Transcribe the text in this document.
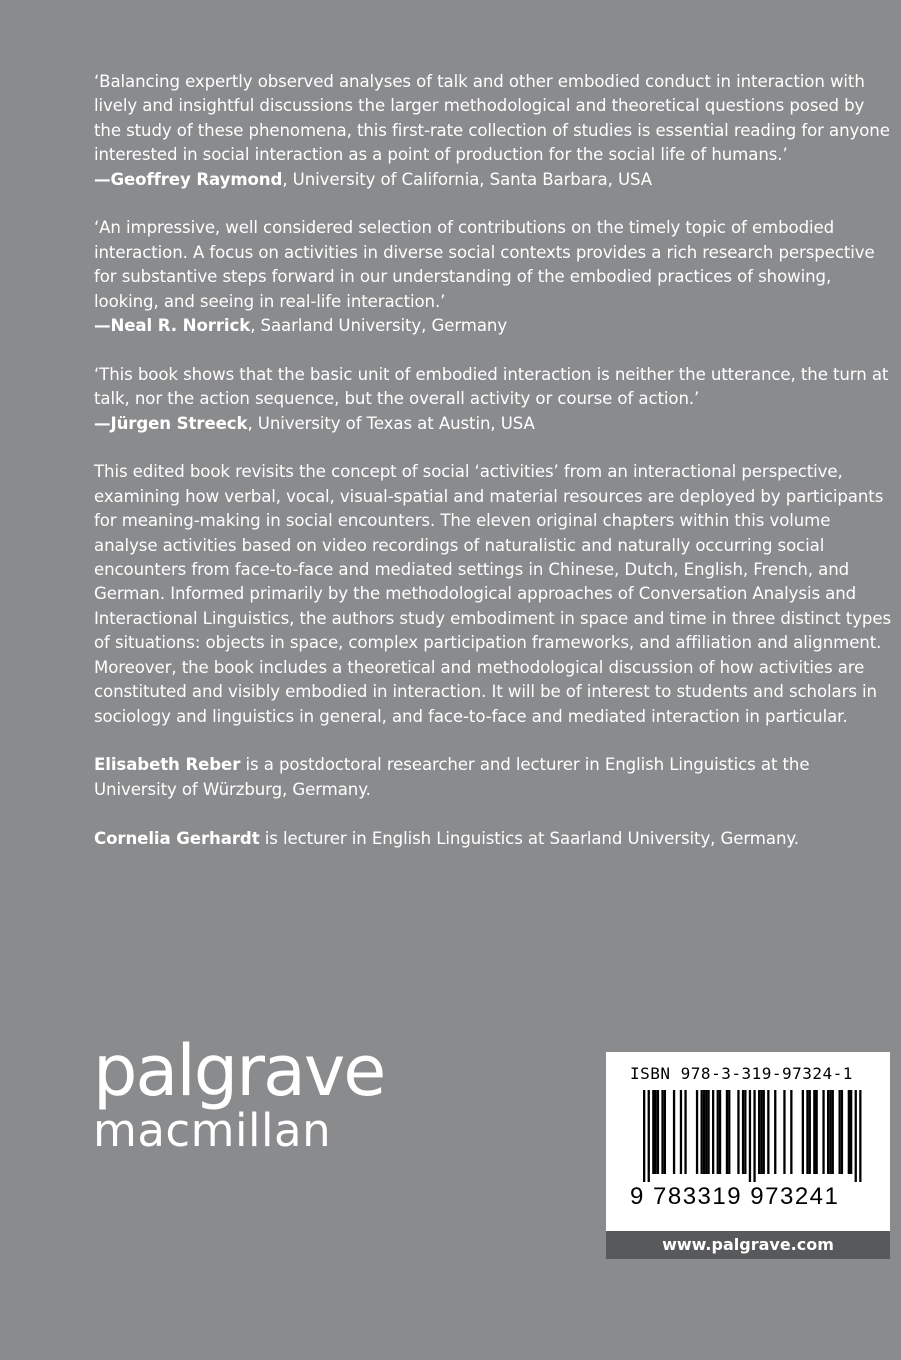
‘Balancing expertly observed analyses of talk and other embodied conduct in interaction with lively and insightful discussions the larger methodological and theoretical questions posed by the study of these phenomena, this first-rate collection of studies is essential reading for anyone interested in social interaction as a point of production for the social life of humans.’

—Geoffrey Raymond, University of California, Santa Barbara, USA

‘An impressive, well considered selection of contributions on the timely topic of embodied interaction. A focus on activities in diverse social contexts provides a rich research perspective for substantive steps forward in our understanding of the embodied practices of showing, looking, and seeing in real-life interaction.’

—Neal R. Norrick, Saarland University, Germany

‘This book shows that the basic unit of embodied interaction is neither the utterance, the turn at talk, nor the action sequence, but the overall activity or course of action.’

—Jürgen Streeck, University of Texas at Austin, USA

This edited book revisits the concept of social ‘activities’ from an interactional perspective, examining how verbal, vocal, visual-spatial and material resources are deployed by participants for meaning-making in social encounters. The eleven original chapters within this volume analyse activities based on video recordings of naturalistic and naturally occurring social encounters from face-to-face and mediated settings in Chinese, Dutch, English, French, and German. Informed primarily by the methodological approaches of Conversation Analysis and Interactional Linguistics, the authors study embodiment in space and time in three distinct types of situations: objects in space, complex participation frameworks, and affiliation and alignment. Moreover, the book includes a theoretical and methodological discussion of how activities are constituted and visibly embodied in interaction. It will be of interest to students and scholars in sociology and linguistics in general, and face-to-face and mediated interaction in particular.

Elisabeth Reber is a postdoctoral researcher and lecturer in English Linguistics at the University of Würzburg, Germany.

Cornelia Gerhardt is lecturer in English Linguistics at Saarland University, Germany.

palgrave
macmillan
ISBN 978-3-319-97324-1
9 783319 973241
www.palgrave.com
